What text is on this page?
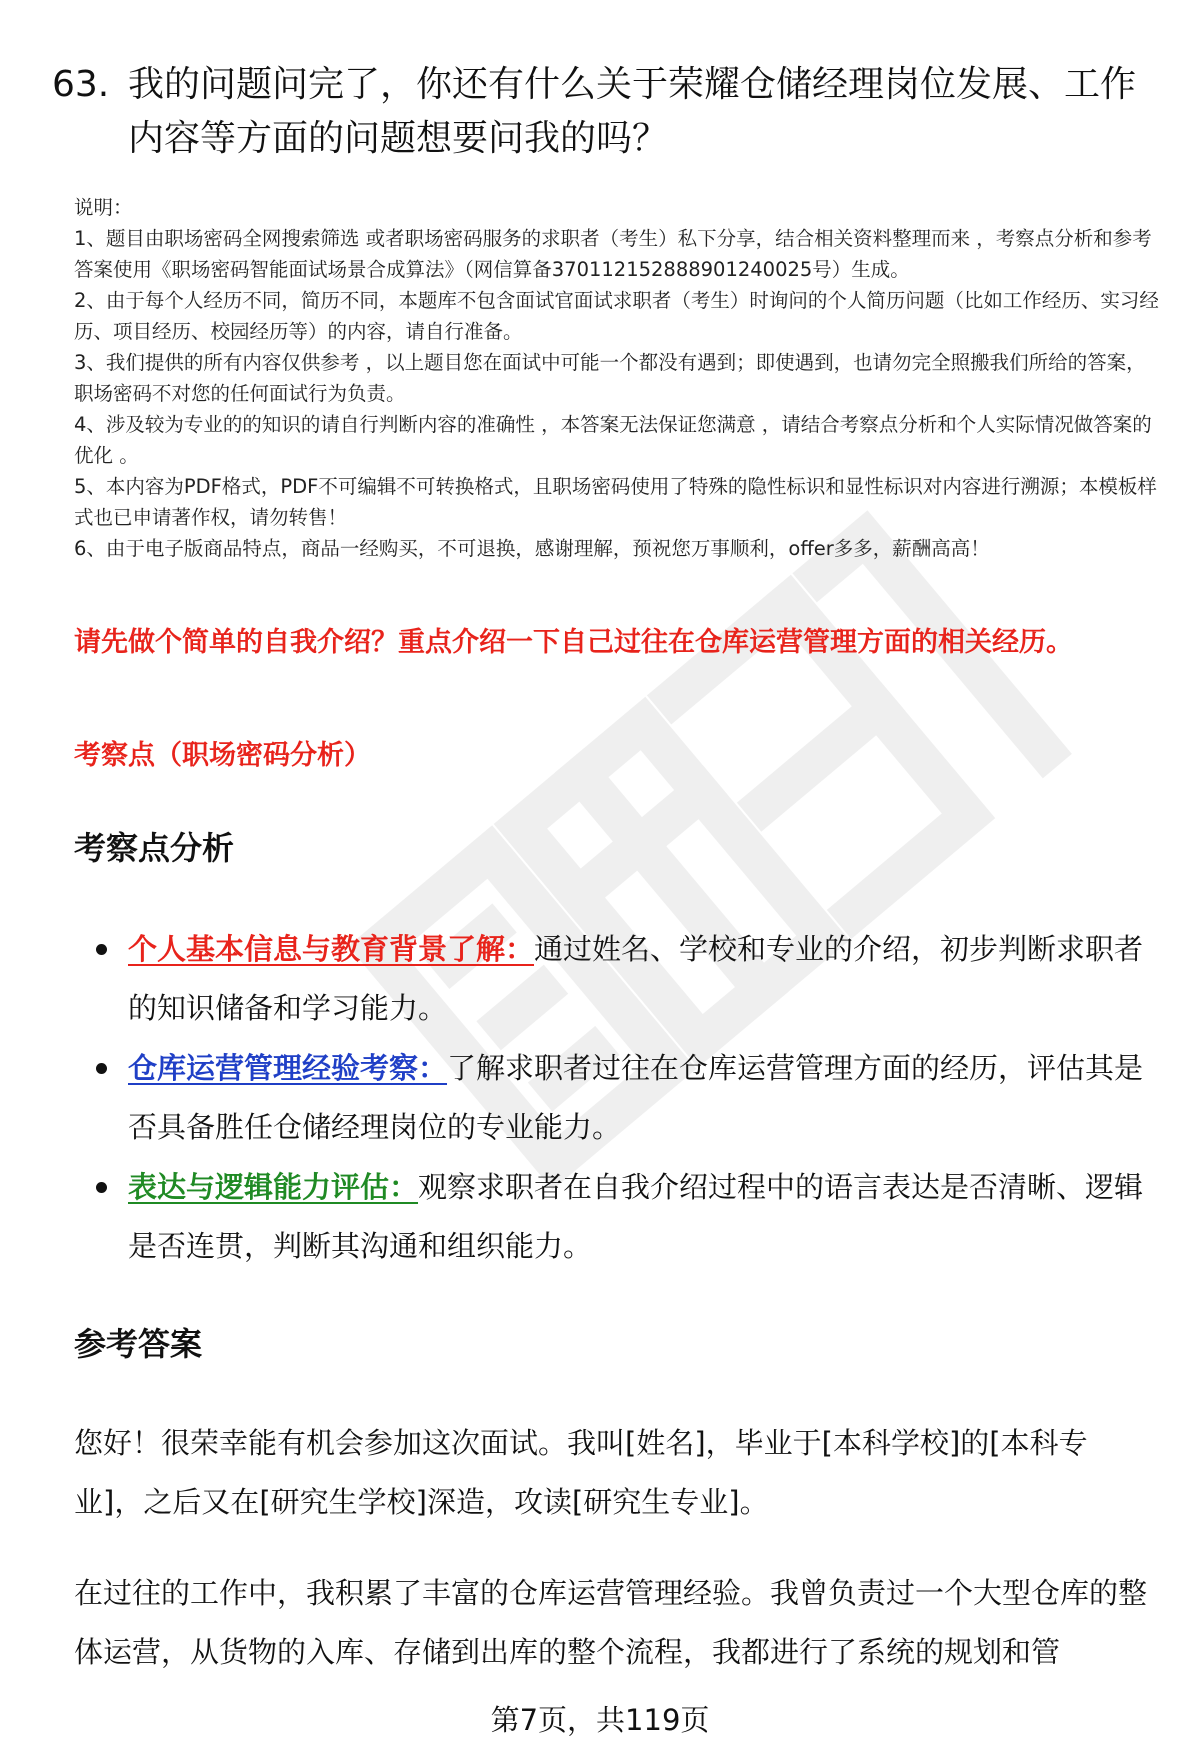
63. 我的问题问完了，你还有什么关于荣耀仓储经理岗位发展、工作内容等方面的问题想要问我的吗？
说明：
1、题目由职场密码全网搜索筛选 或者职场密码服务的求职者（考生）私下分享，结合相关资料整理而来 ，考察点分析和参考答案使用《职场密码智能面试场景合成算法》（网信算备370112152888901240025号）生成。
2、由于每个人经历不同，简历不同，本题库不包含面试官面试求职者（考生）时询问的个人简历问题（比如工作经历、实习经历、项目经历、校园经历等）的内容，请自行准备。
3、我们提供的所有内容仅供参考 ，以上题目您在面试中可能一个都没有遇到；即使遇到，也请勿完全照搬我们所给的答案，职场密码不对您的任何面试行为负责。
4、涉及较为专业的的知识的请自行判断内容的准确性 ，本答案无法保证您满意 ，请结合考察点分析和个人实际情况做答案的优化 。
5、本内容为PDF格式，PDF不可编辑不可转换格式，且职场密码使用了特殊的隐性标识和显性标识对内容进行溯源；本模板样式也已申请著作权，请勿转售！
6、由于电子版商品特点，商品一经购买，不可退换，感谢理解，预祝您万事顺利，offer多多，薪酬高高！
请先做个简单的自我介绍？重点介绍一下自己过往在仓库运营管理方面的相关经历。
考察点（职场密码分析）
考察点分析
个人基本信息与教育背景了解：通过姓名、学校和专业的介绍，初步判断求职者的知识储备和学习能力。
仓库运营管理经验考察：了解求职者过往在仓库运营管理方面的经历，评估其是否具备胜任仓储经理岗位的专业能力。
表达与逻辑能力评估：观察求职者在自我介绍过程中的语言表达是否清晰、逻辑是否连贯，判断其沟通和组织能力。
参考答案

您好！很荣幸能有机会参加这次面试。我叫[姓名]，毕业于[本科学校]的[本科专业]，之后又在[研究生学校]深造，攻读[研究生专业]。

在过往的工作中，我积累了丰富的仓库运营管理经验。我曾负责过一个大型仓库的整体运营，从货物的入库、存储到出库的整个流程，我都进行了系统的规划和管

第7页，共119页
